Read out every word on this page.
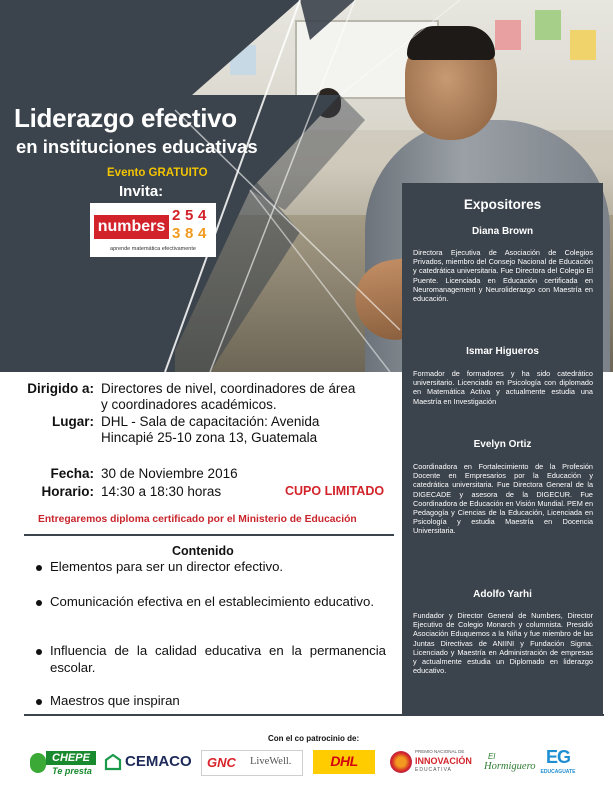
Liderazgo efectivo
en instituciones educativas
Evento GRATUITO
Invita:
numbers
2 5 4
3 8 4
aprende matemática efectivamente
Expositores
Diana Brown
Directora Ejecutiva de Asociación de Colegios Privados, miembro del Consejo Nacional de Educación y catedrática universitaria. Fue Directora del Colegio El Puente. Licenciada en Educación certificada en Neuromanagement y Neuroliderazgo con Maestría en educación.
Ismar Higueros
Formador de formadores y ha sido catedrático universitario. Licenciado en Psicología con diplomado en Matemática Activa y actualmente estudia una Maestría en Investigación
Evelyn Ortiz
Coordinadora en Fortalecimiento de la Profesión Docente en Empresarios por la Educación y catedrática universitaria. Fue Directora General de la DIGECADE y asesora de la DIGECUR. Fue Coordinadora de Educación en Visión Mundial. PEM en Pedagogía y Ciencias de la Educación, Licenciada en Psicología y estudia Maestría en Docencia Universitaria.
Adolfo Yarhi
Fundador y Director General de Numbers, Director Ejecutivo de Colegio Monarch y columnista. Presidió Asociación Eduquemos a la Niña y fue miembro de las Juntas Directivas de ANIINI y Fundación Sigma. Licenciado y Maestría en Administración de empresas y actualmente estudia un Diplomado en liderazgo educativo.
Dirigido a: Directores de nivel, coordinadores de área y coordinadores académicos.
Lugar: DHL - Sala de capacitación: Avenida Hincapié 25-10 zona 13, Guatemala
Fecha: 30 de Noviembre 2016
Horario: 14:30 a 18:30 horas	CUPO LIMITADO
Entregaremos diploma certificado por el Ministerio de Educación
Contenido
Elementos para ser un director efectivo.
Comunicación efectiva en el establecimiento educativo.
Influencia de la calidad educativa en la permanencia escolar.
Maestros que inspiran
Con el co patrocinio de:
CHEPE
Te presta
CEMACO GNC LiveWell.	DHL
PREMIO NACIONAL DE
INNOVACIÓN
EDUCATIVA
El
Hormiguero EG
EDUCAGUATE
